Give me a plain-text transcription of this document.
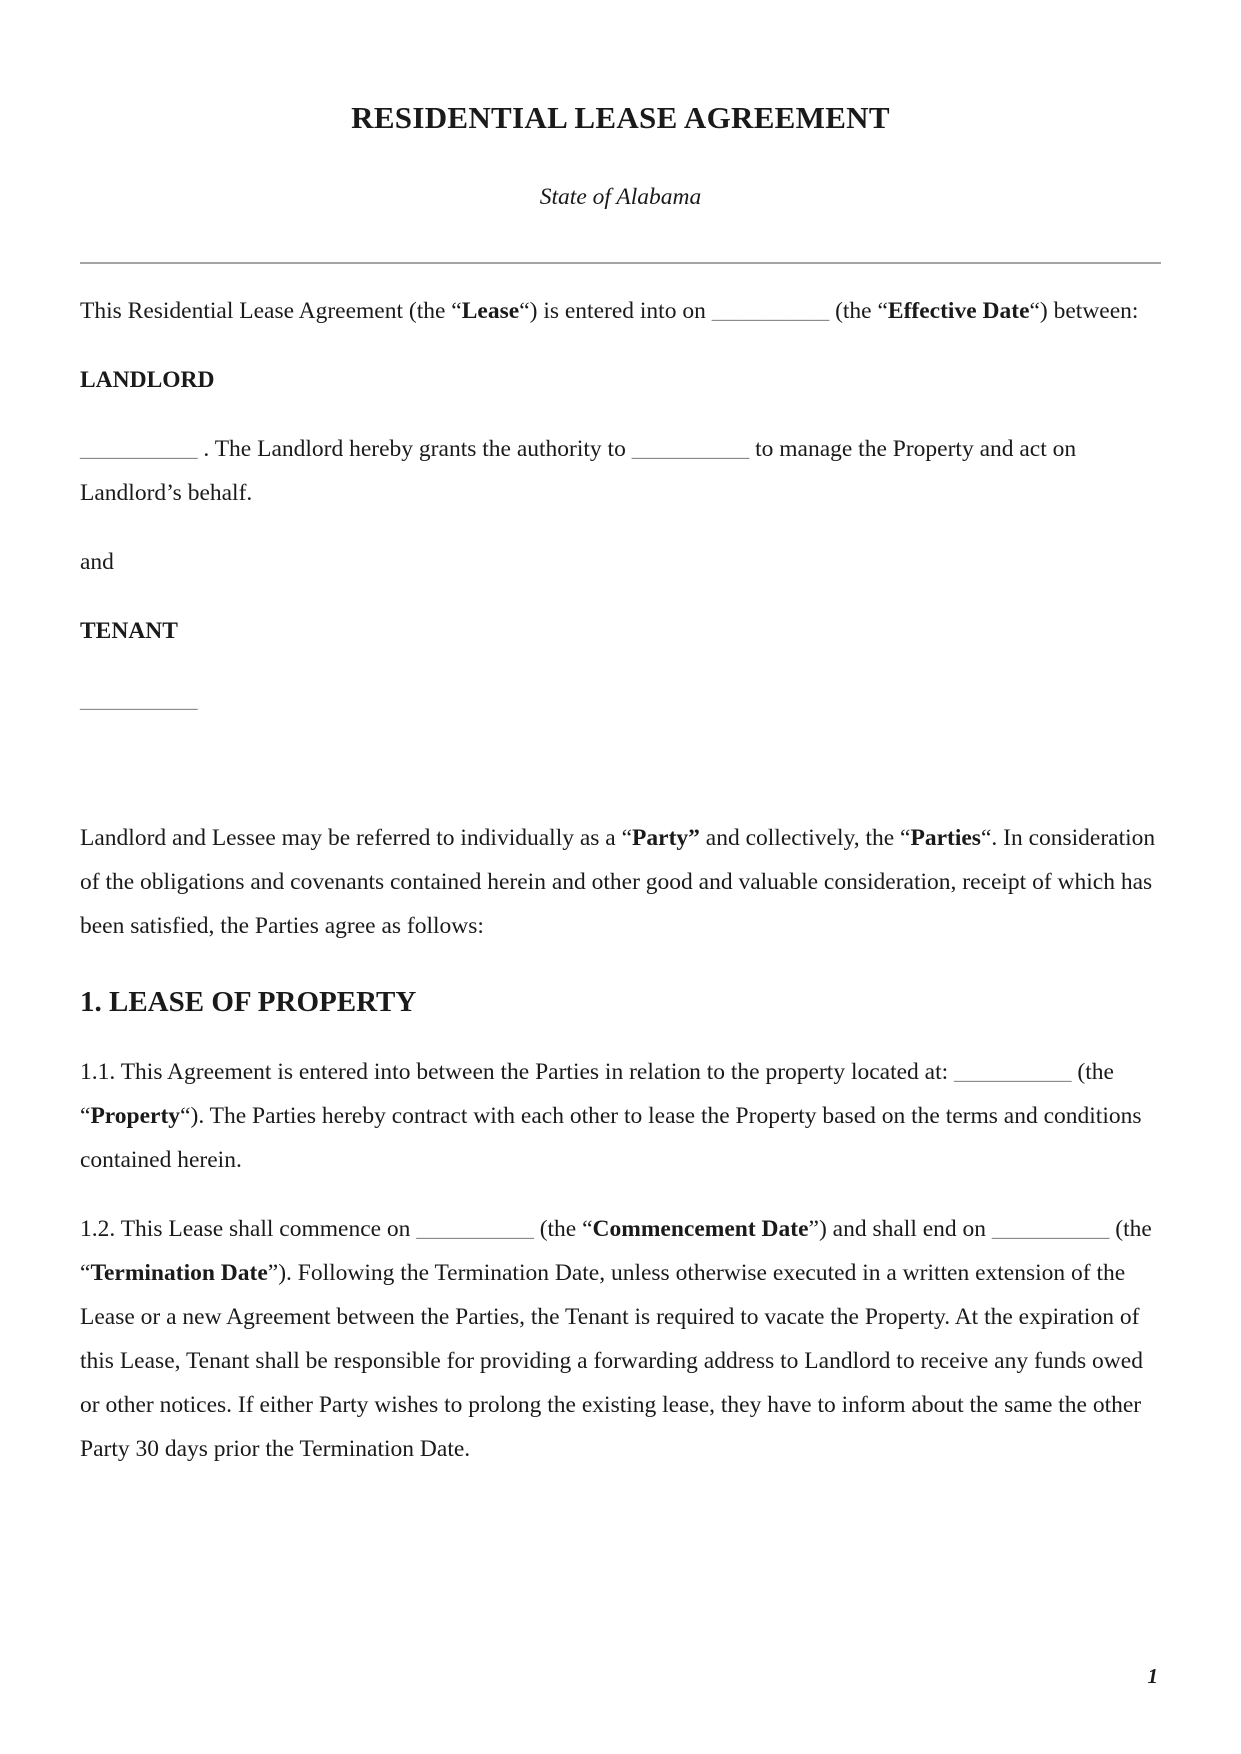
RESIDENTIAL LEASE AGREEMENT
State of Alabama

This Residential Lease Agreement (the “Lease“) is entered into on __________ (the “Effective Date“) between:

LANDLORD

__________ . The Landlord hereby grants the authority to __________ to manage the Property and act on Landlord’s behalf.

and

TENANT

__________

Landlord and Lessee may be referred to individually as a “Party” and collectively, the “Parties“. In consideration of the obligations and covenants contained herein and other good and valuable consideration, receipt of which has been satisfied, the Parties agree as follows:

1. LEASE OF PROPERTY

1.1. This Agreement is entered into between the Parties in relation to the property located at: __________ (the “Property“). The Parties hereby contract with each other to lease the Property based on the terms and conditions contained herein.

1.2. This Lease shall commence on __________ (the “Commencement Date”) and shall end on __________ (the “Termination Date”). Following the Termination Date, unless otherwise executed in a written extension of the Lease or a new Agreement between the Parties, the Tenant is required to vacate the Property. At the expiration of this Lease, Tenant shall be responsible for providing a forwarding address to Landlord to receive any funds owed or other notices. If either Party wishes to prolong the existing lease, they have to inform about the same the other Party 30 days prior the Termination Date.

1
